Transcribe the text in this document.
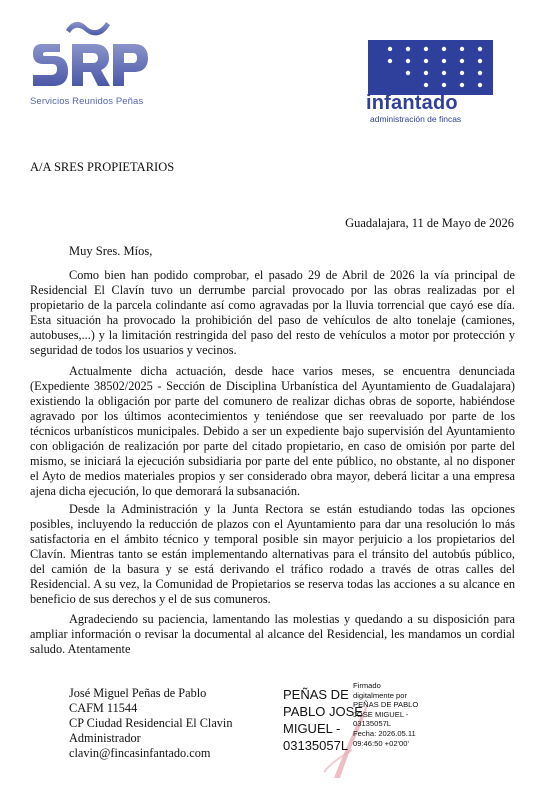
Servicios Reunidos Peñas	infantado
administración de fincas
A/A SRES PROPIETARIOS
Guadalajara, 11 de Mayo de 2026
Muy Sres. Míos,

Como bien han podido comprobar, el pasado 29 de Abril de 2026 la vía principal de Residencial El Clavín tuvo un derrumbe parcial provocado por las obras realizadas por el propietario de la parcela colindante así como agravadas por la lluvia torrencial que cayó ese día. Esta situación ha provocado la prohibición del paso de vehículos de alto tonelaje (camiones, autobuses,...) y la limitación restringida del paso del resto de vehículos a motor por protección y seguridad de todos los usuarios y vecinos.

Actualmente dicha actuación, desde hace varios meses, se encuentra denunciada (Expediente 38502/2025 - Sección de Disciplina Urbanística del Ayuntamiento de Guadalajara) existiendo la obligación por parte del comunero de realizar dichas obras de soporte, habiéndose agravado por los últimos acontecimientos y teniéndose que ser reevaluado por parte de los técnicos urbanísticos municipales. Debido a ser un expediente bajo supervisión del Ayuntamiento con obligación de realización por parte del citado propietario, en caso de omisión por parte del mismo, se iniciará la ejecución subsidiaria por parte del ente público, no obstante, al no disponer el Ayto de medios materiales propios y ser considerado obra mayor, deberá licitar a una empresa ajena dicha ejecución, lo que demorará la subsanación.

Desde la Administración y la Junta Rectora se están estudiando todas las opciones posibles, incluyendo la reducción de plazos con el Ayuntamiento para dar una resolución lo más satisfactoria en el ámbito técnico y temporal posible sin mayor perjuicio a los propietarios del Clavín. Mientras tanto se están implementando alternativas para el tránsito del autobús público, del camión de la basura y se está derivando el tráfico rodado a través de otras calles del Residencial. A su vez, la Comunidad de Propietarios se reserva todas las acciones a su alcance en beneficio de sus derechos y el de sus comuneros.

Agradeciendo su paciencia, lamentando las molestias y quedando a su disposición para ampliar información o revisar la documental al alcance del Residencial, les mandamos un cordial saludo. Atentamente

José Miguel Peñas de Pablo
CAFM 11544
CP Ciudad Residencial El Clavin
Administrador
clavin@fincasinfantado.com
PEÑAS DE
PABLO JOSE
MIGUEL -
03135057L
Firmado
digitalmente por
PEÑAS DE PABLO
JOSE MIGUEL -
03135057L
Fecha: 2026.05.11
09:46:50 +02'00'
